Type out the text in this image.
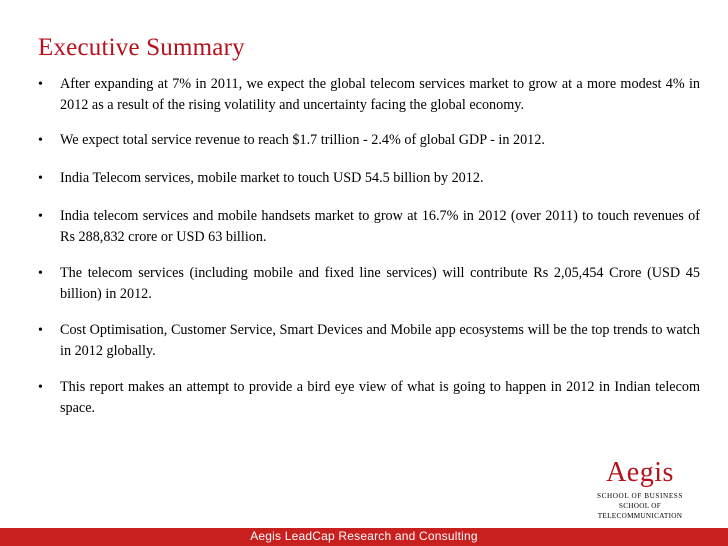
Executive Summary
• After expanding at 7% in 2011, we expect the global telecom services market to grow at a more modest 4% in 2012 as a result of the rising volatility and uncertainty facing the global economy.
• We expect total service revenue to reach $1.7 trillion - 2.4% of global GDP - in 2012.
• India Telecom services, mobile market to touch USD 54.5 billion by 2012.
• India telecom services and mobile handsets market to grow at 16.7% in 2012 (over 2011) to touch revenues of Rs 288,832 crore or USD 63 billion.
• The telecom services (including mobile and fixed line services) will contribute Rs 2,05,454 Crore (USD 45 billion) in 2012.
• Cost Optimisation, Customer Service, Smart Devices and Mobile app ecosystems will be the top trends to watch in 2012 globally.
• This report makes an attempt to provide a bird eye view of what is going to happen in 2012 in Indian telecom space.
Aegis
SCHOOL OF BUSINESS
SCHOOL OF TELECOMMUNICATION
Aegis LeadCap Research and Consulting
